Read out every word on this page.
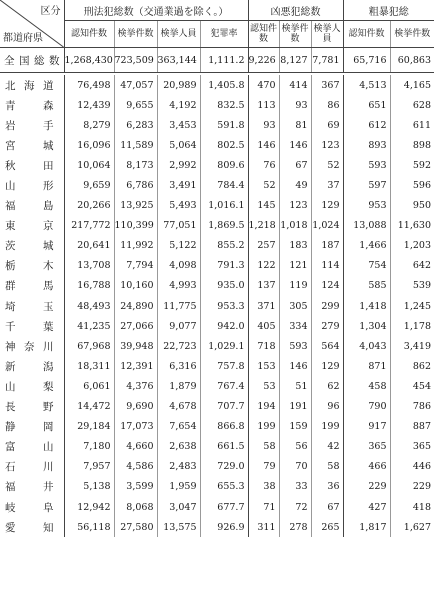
区分
都道府県	刑法犯総数（交通業過を除く。）				凶悪犯総数			粗暴犯総	
	認知件数	検挙件数	検挙人員	犯罪率	認知件数	検挙件数	検挙人員	認知件数	検挙件数
全国総数	1,268,430	723,509	363,144	1,111.2	9,226	8,127	7,781	65,716	60,863

北海道	76,498	47,057	20,989	1,405.8	470	414	367	4,513	4,165
青森	12,439	9,655	4,192	832.5	113	93	86	651	628
岩手	8,279	6,283	3,453	591.8	93	81	69	612	611
宮城	16,096	11,589	5,064	802.5	146	146	123	893	898
秋田	10,064	8,173	2,992	809.6	76	67	52	593	592
山形	9,659	6,786	3,491	784.4	52	49	37	597	596
福島	20,266	13,925	5,493	1,016.1	145	123	129	953	950
東京	217,772	110,399	77,051	1,869.5	1,218	1,018	1,024	13,088	11,630
茨城	20,641	11,992	5,122	855.2	257	183	187	1,466	1,203
栃木	13,708	7,794	4,098	791.3	122	121	114	754	642
群馬	16,788	10,160	4,993	935.0	137	119	124	585	539
埼玉	48,493	24,890	11,775	953.3	371	305	299	1,418	1,245
千葉	41,235	27,066	9,077	942.0	405	334	279	1,304	1,178
神奈川	67,968	39,948	22,723	1,029.1	718	593	564	4,043	3,419
新潟	18,311	12,391	6,316	757.8	153	146	129	871	862
山梨	6,061	4,376	1,879	767.4	53	51	62	458	454
長野	14,472	9,690	4,678	707.7	194	191	96	790	786
静岡	29,184	17,073	7,654	866.8	199	159	199	917	887
富山	7,180	4,660	2,638	661.5	58	56	42	365	365
石川	7,957	4,586	2,483	729.0	79	70	58	466	446
福井	5,138	3,599	1,959	655.3	38	33	36	229	229
岐阜	12,942	8,068	3,047	677.7	71	72	67	427	418
愛知	56,118	27,580	13,575	926.9	311	278	265	1,817	1,627
